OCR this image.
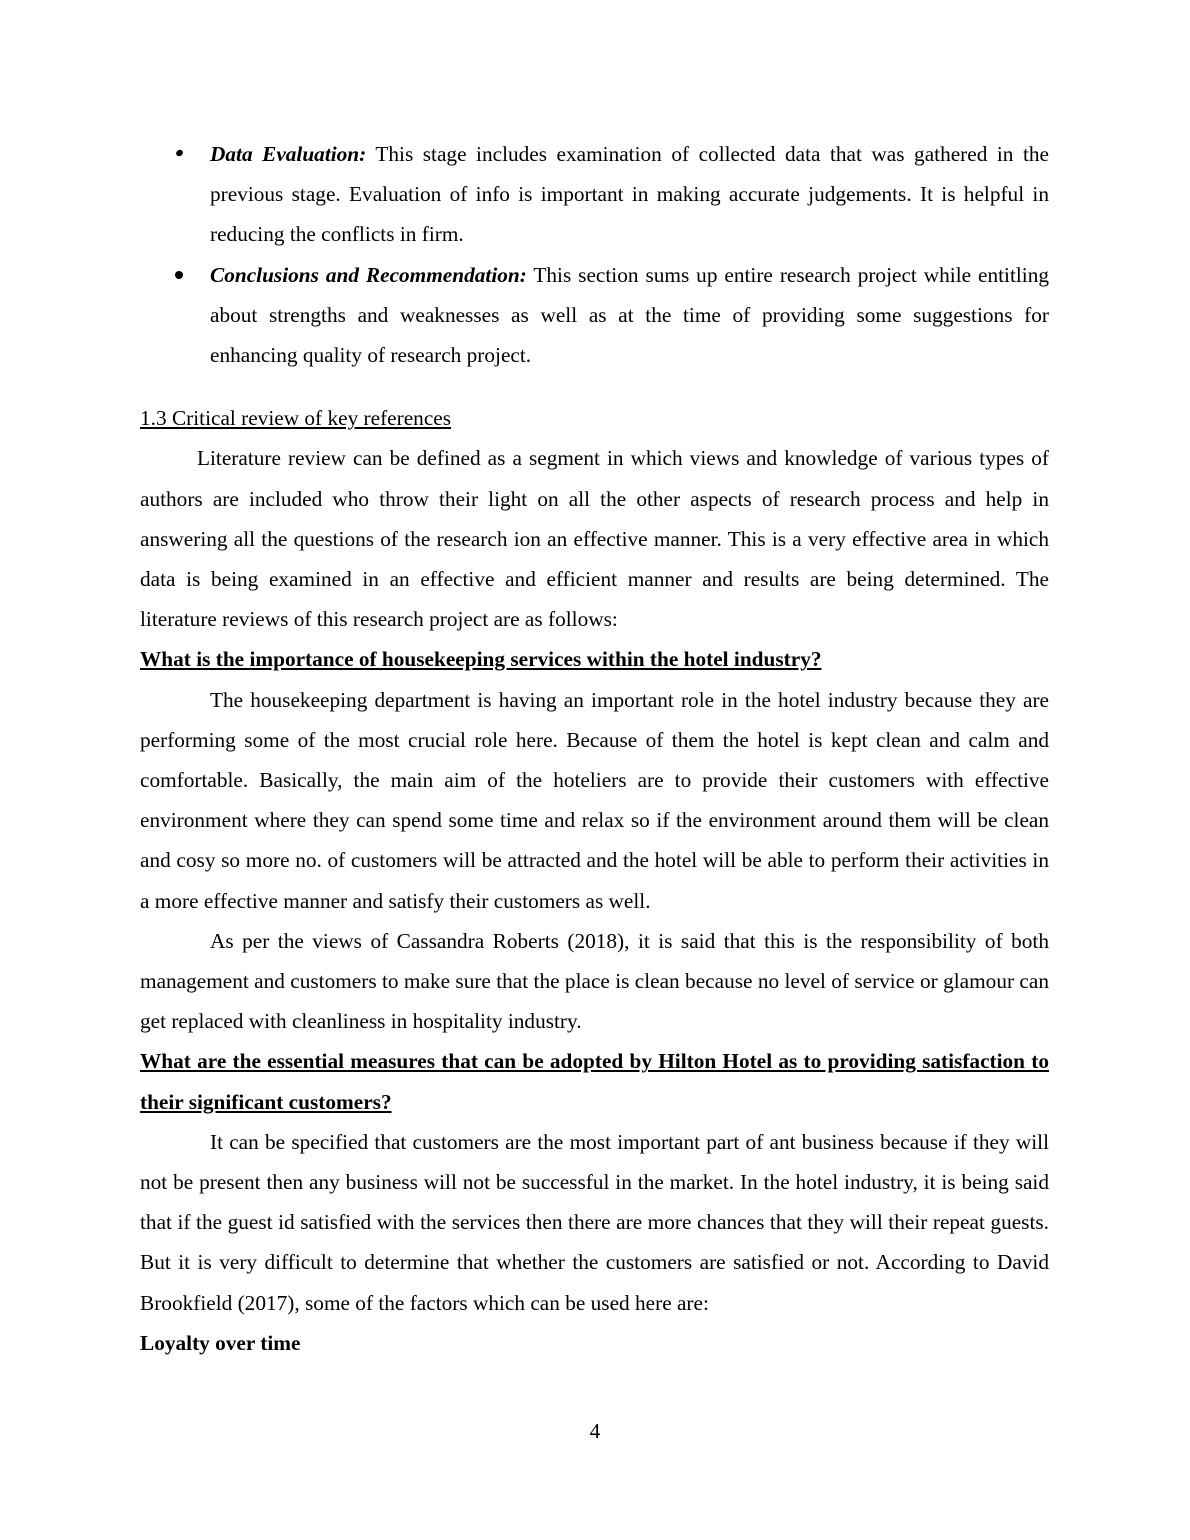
Data Evaluation: This stage includes examination of collected data that was gathered in the previous stage. Evaluation of info is important in making accurate judgements. It is helpful in reducing the conflicts in firm.
Conclusions and Recommendation: This section sums up entire research project while entitling about strengths and weaknesses as well as at the time of providing some suggestions for enhancing quality of research project.
1.3 Critical review of key references

Literature review can be defined as a segment in which views and knowledge of various types of authors are included who throw their light on all the other aspects of research process and help in answering all the questions of the research ion an effective manner. This is a very effective area in which data is being examined in an effective and efficient manner and results are being determined. The literature reviews of this research project are as follows:

What is the importance of housekeeping services within the hotel industry?

The housekeeping department is having an important role in the hotel industry because they are performing some of the most crucial role here. Because of them the hotel is kept clean and calm and comfortable. Basically, the main aim of the hoteliers are to provide their customers with effective environment where they can spend some time and relax so if the environment around them will be clean and cosy so more no. of customers will be attracted and the hotel will be able to perform their activities in a more effective manner and satisfy their customers as well.

As per the views of Cassandra Roberts (2018), it is said that this is the responsibility of both management and customers to make sure that the place is clean because no level of service or glamour can get replaced with cleanliness in hospitality industry.

What are the essential measures that can be adopted by Hilton Hotel as to providing satisfaction to their significant customers?

It can be specified that customers are the most important part of ant business because if they will not be present then any business will not be successful in the market. In the hotel industry, it is being said that if the guest id satisfied with the services then there are more chances that they will their repeat guests. But it is very difficult to determine that whether the customers are satisfied or not. According to David Brookfield (2017), some of the factors which can be used here are:

Loyalty over time

4
